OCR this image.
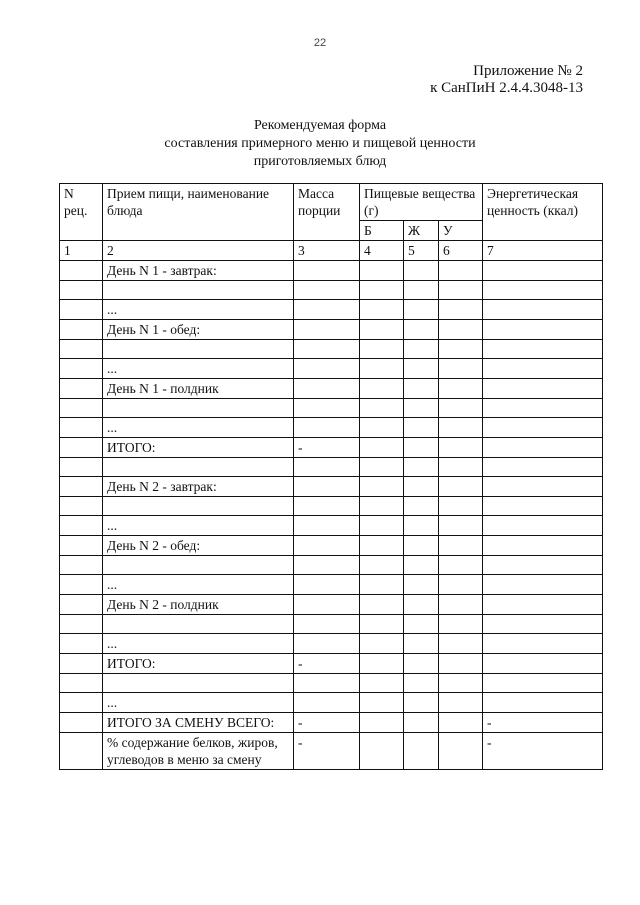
22
Приложение № 2
к СанПиН 2.4.4.3048-13
Рекомендуемая форма
составления примерного меню и пищевой ценности
приготовляемых блюд
N рец.	Прием пищи, наименование блюда	Масса порции	Пищевые вещества (г)			Энергетическая ценность (ккал)
			Б	Ж	У	
1	2	3	4	5	6	7
	День N 1 - завтрак:					

	...					
	День N 1 - обед:					

	...					
	День N 1 - полдник					

	...					
	ИТОГО:	-				

	День N 2 - завтрак:					

	...					
	День N 2 - обед:					

	...					
	День N 2 - полдник					

	...					
	ИТОГО:	-				

	...					
	ИТОГО ЗА СМЕНУ ВСЕГО:	-				-
	% содержание белков, жиров, углеводов в меню за смену	-				-
